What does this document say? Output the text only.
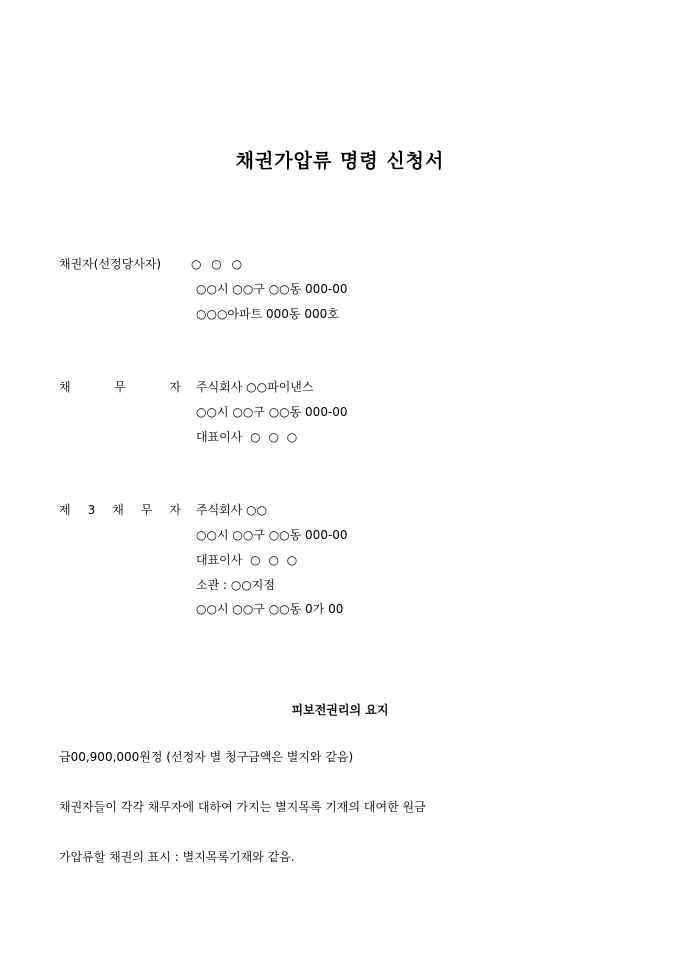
채권가압류 명령 신청서
채권자(선정당사자) ○ ○ ○
○○시 ○○구 ○○동 000-00
○○○아파트 000동 000호
채	무	자 주식회사 ○○파이낸스
○○시 ○○구 ○○동 000-00
대표이사 ○ ○ ○
제 3 채 무 자 주식회사 ○○
○○시 ○○구 ○○동 000-00
대표이사 ○ ○ ○
소관 : ○○지점
○○시 ○○구 ○○동 0가 00
피보전권리의 요지
금00,900,000원정 (선정자 별 청구금액은 별지와 같음)
채권자들이 각각 채무자에 대하여 가지는 별지목록 기재의 대여한 원금
가압류할 채권의 표시 : 별지목록기재와 같음.
